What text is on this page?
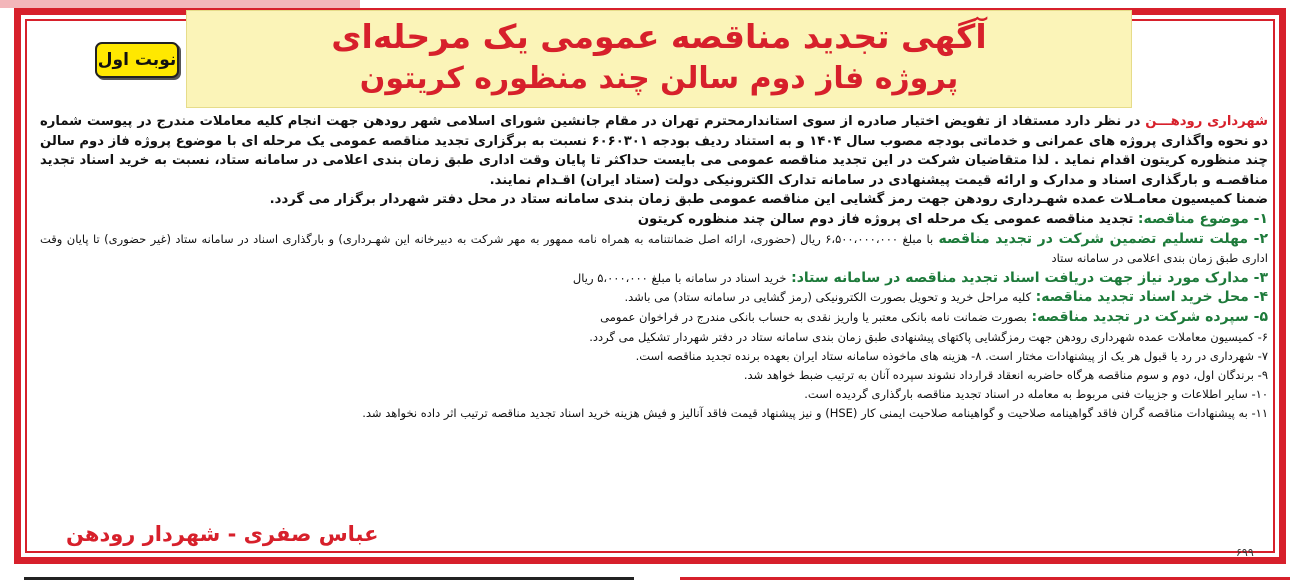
آگهی تجدید مناقصه عمومی یک مرحله‌ای
پروژه فاز دوم سالن چند منظوره کریتون
نوبت اول

شهرداری رودهـــن در نظر دارد مستفاد از تفویض اختیار صادره از سوی استاندارمحترم تهران در مقام جانشین شورای اسلامی شهر رودهن جهت انجام کلیه معاملات مندرج در پیوست شماره دو نحوه واگذاری پروژه های عمرانی و خدماتی بودجه مصوب سال ۱۴۰۴ و به استناد ردیف بودجه ۶۰۶۰۳۰۱ نسبت به برگزاری تجدید مناقصه عمومی یک مرحله ای با موضوع پروژه فاز دوم سالن چند منظوره کریتون اقدام نماید . لذا متقاضیان شرکت در این تجدید مناقصه عمومی می بایست حداکثر تا پایان وقت اداری طبق زمان بندی اعلامی در سامانه ستاد، نسبت به خرید اسناد تجدید مناقصـه و بارگذاری اسناد و مدارک و ارائه قیمت پیشنهادی در سامانه تدارک الکترونیکی دولت (ستاد ایران) اقـدام نمایند.

ضمنا کمیسیون معامـلات عمده شهـرداری رودهن جهت رمز گشایی این مناقصه عمومی طبق زمان بندی سامانه ستاد در محل دفتر شهردار برگزار می گردد.

۱- موضوع مناقصه: تجدید مناقصه عمومی یک مرحله ای پروژه فاز دوم سالن چند منظوره کریتون

۲- مهلت تسلیم تضمین شرکت در تجدید مناقصه با مبلغ ۶،۵۰۰،۰۰۰،۰۰۰ ریال (حضوری، ارائه اصل ضمانتنامه به همراه نامه ممهور به مهر شرکت به دبیرخانه این شهـرداری) و بارگذاری اسناد در سامانه ستاد (غیر حضوری) تا پایان وقت اداری طبق زمان بندی اعلامی در سامانه ستاد

۳- مدارک مورد نیاز جهت دریافت اسناد تجدید مناقصه در سامانه ستاد: خرید اسناد در سامانه با مبلغ ۵،۰۰۰،۰۰۰ ریال

۴- محل خرید اسناد تجدید مناقصه: کلیه مراحل خرید و تحویل بصورت الکترونیکی (رمز گشایی در سامانه ستاد) می باشد.

۵- سپرده شرکت در تجدید مناقصه: بصورت ضمانت نامه بانکی معتبر یا واریز نقدی به حساب بانکی مندرج در فراخوان عمومی

۶- کمیسیون معاملات عمده شهرداری رودهن جهت رمزگشایی پاکتهای پیشنهادی طبق زمان بندی سامانه ستاد در دفتر شهردار تشکیل می گردد.

۷- شهرداری در رد یا قبول هر یک از پیشنهادات مختار است. ۸- هزینه های ماخوذه سامانه ستاد ایران بعهده برنده تجدید مناقصه است.

۹- برندگان اول، دوم و سوم مناقصه هرگاه حاضربه انعقاد قرارداد نشوند سپرده آنان به ترتیب ضبط خواهد شد.

۱۰- سایر اطلاعات و جزییات فنی مربوط به معامله در اسناد تجدید مناقصه بارگذاری گردیده است.

۱۱- به پیشنهادات مناقصه گران فاقد گواهینامه صلاحیت و گواهینامه صلاحیت ایمنی کار (HSE) و نیز پیشنهاد قیمت فاقد آنالیز و فیش هزینه خرید اسناد تجدید مناقصه ترتیب اثر داده نخواهد شد.

عباس صفری - شهردار رودهن
۶۹۹
